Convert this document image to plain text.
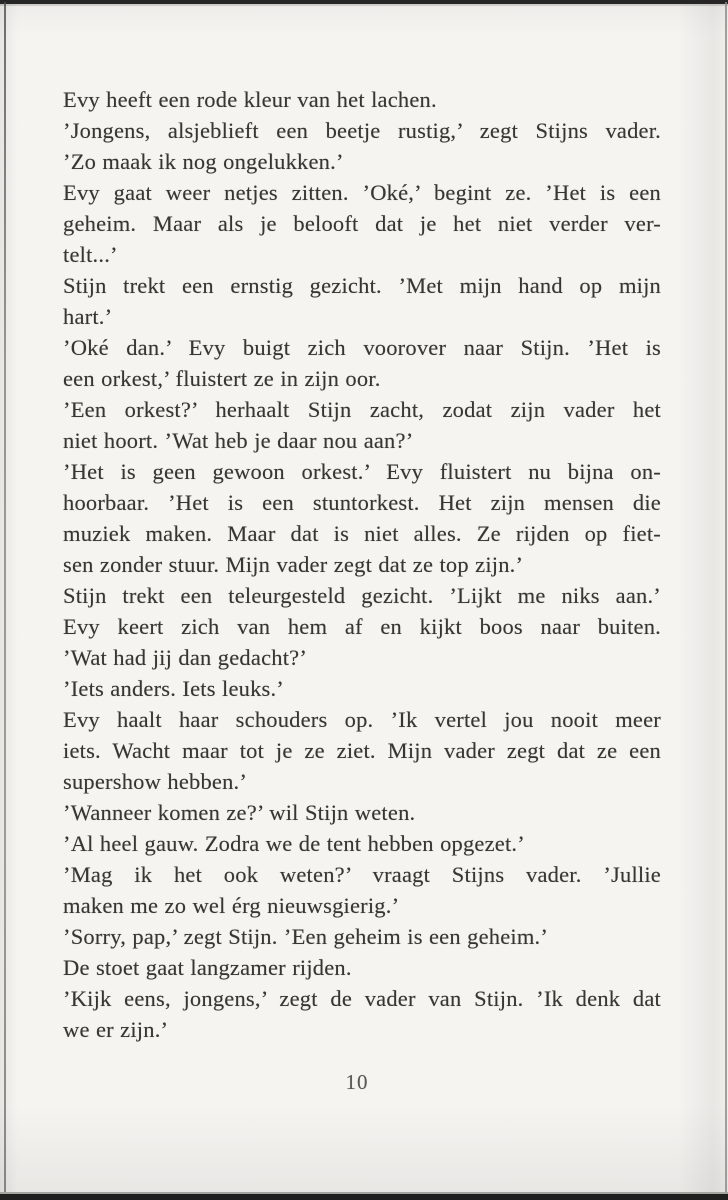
Evy heeft een rode kleur van het lachen.
’Jongens, alsjeblieft een beetje rustig,’ zegt Stijns vader.
’Zo maak ik nog ongelukken.’
Evy gaat weer netjes zitten. ’Oké,’ begint ze. ’Het is een
geheim. Maar als je belooft dat je het niet verder ver-
telt...’
Stijn trekt een ernstig gezicht. ’Met mijn hand op mijn
hart.’
’Oké dan.’ Evy buigt zich voorover naar Stijn. ’Het is
een orkest,’ fluistert ze in zijn oor.
’Een orkest?’ herhaalt Stijn zacht, zodat zijn vader het
niet hoort. ’Wat heb je daar nou aan?’
’Het is geen gewoon orkest.’ Evy fluistert nu bijna on-
hoorbaar. ’Het is een stuntorkest. Het zijn mensen die
muziek maken. Maar dat is niet alles. Ze rijden op fiet-
sen zonder stuur. Mijn vader zegt dat ze top zijn.’
Stijn trekt een teleurgesteld gezicht. ’Lijkt me niks aan.’
Evy keert zich van hem af en kijkt boos naar buiten.
’Wat had jij dan gedacht?’
’Iets anders. Iets leuks.’
Evy haalt haar schouders op. ’Ik vertel jou nooit meer
iets. Wacht maar tot je ze ziet. Mijn vader zegt dat ze een
supershow hebben.’
’Wanneer komen ze?’ wil Stijn weten.
’Al heel gauw. Zodra we de tent hebben opgezet.’
’Mag ik het ook weten?’ vraagt Stijns vader. ’Jullie
maken me zo wel érg nieuwsgierig.’
’Sorry, pap,’ zegt Stijn. ’Een geheim is een geheim.’
De stoet gaat langzamer rijden.
’Kijk eens, jongens,’ zegt de vader van Stijn. ’Ik denk dat
we er zijn.’
10
